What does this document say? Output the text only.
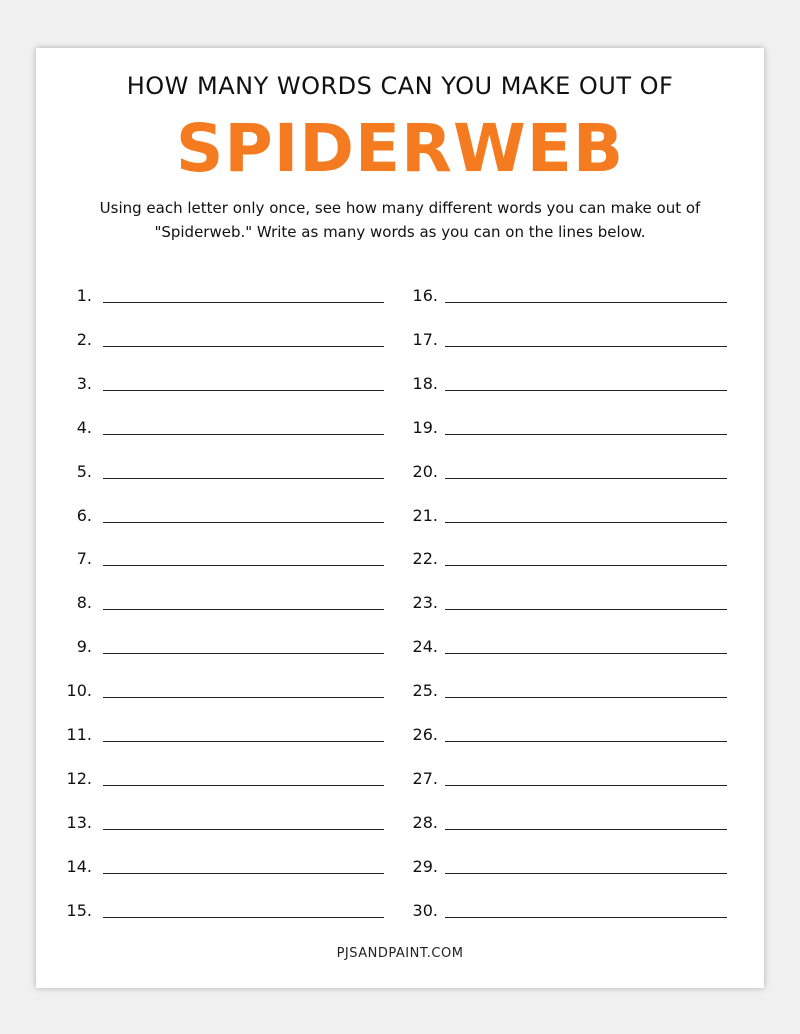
HOW MANY WORDS CAN YOU MAKE OUT OF
SPIDERWEB

Using each letter only once, see how many different words you can make out of "Spiderweb." Write as many words as you can on the lines below.

1.
2.
3.
4.
5.
6.
7.
8.
9.
10.
11.
12.
13.
14.
15.
16.
17.
18.
19.
20.
21.
22.
23.
24.
25.
26.
27.
28.
29.
30.

PJSANDPAINT.COM
